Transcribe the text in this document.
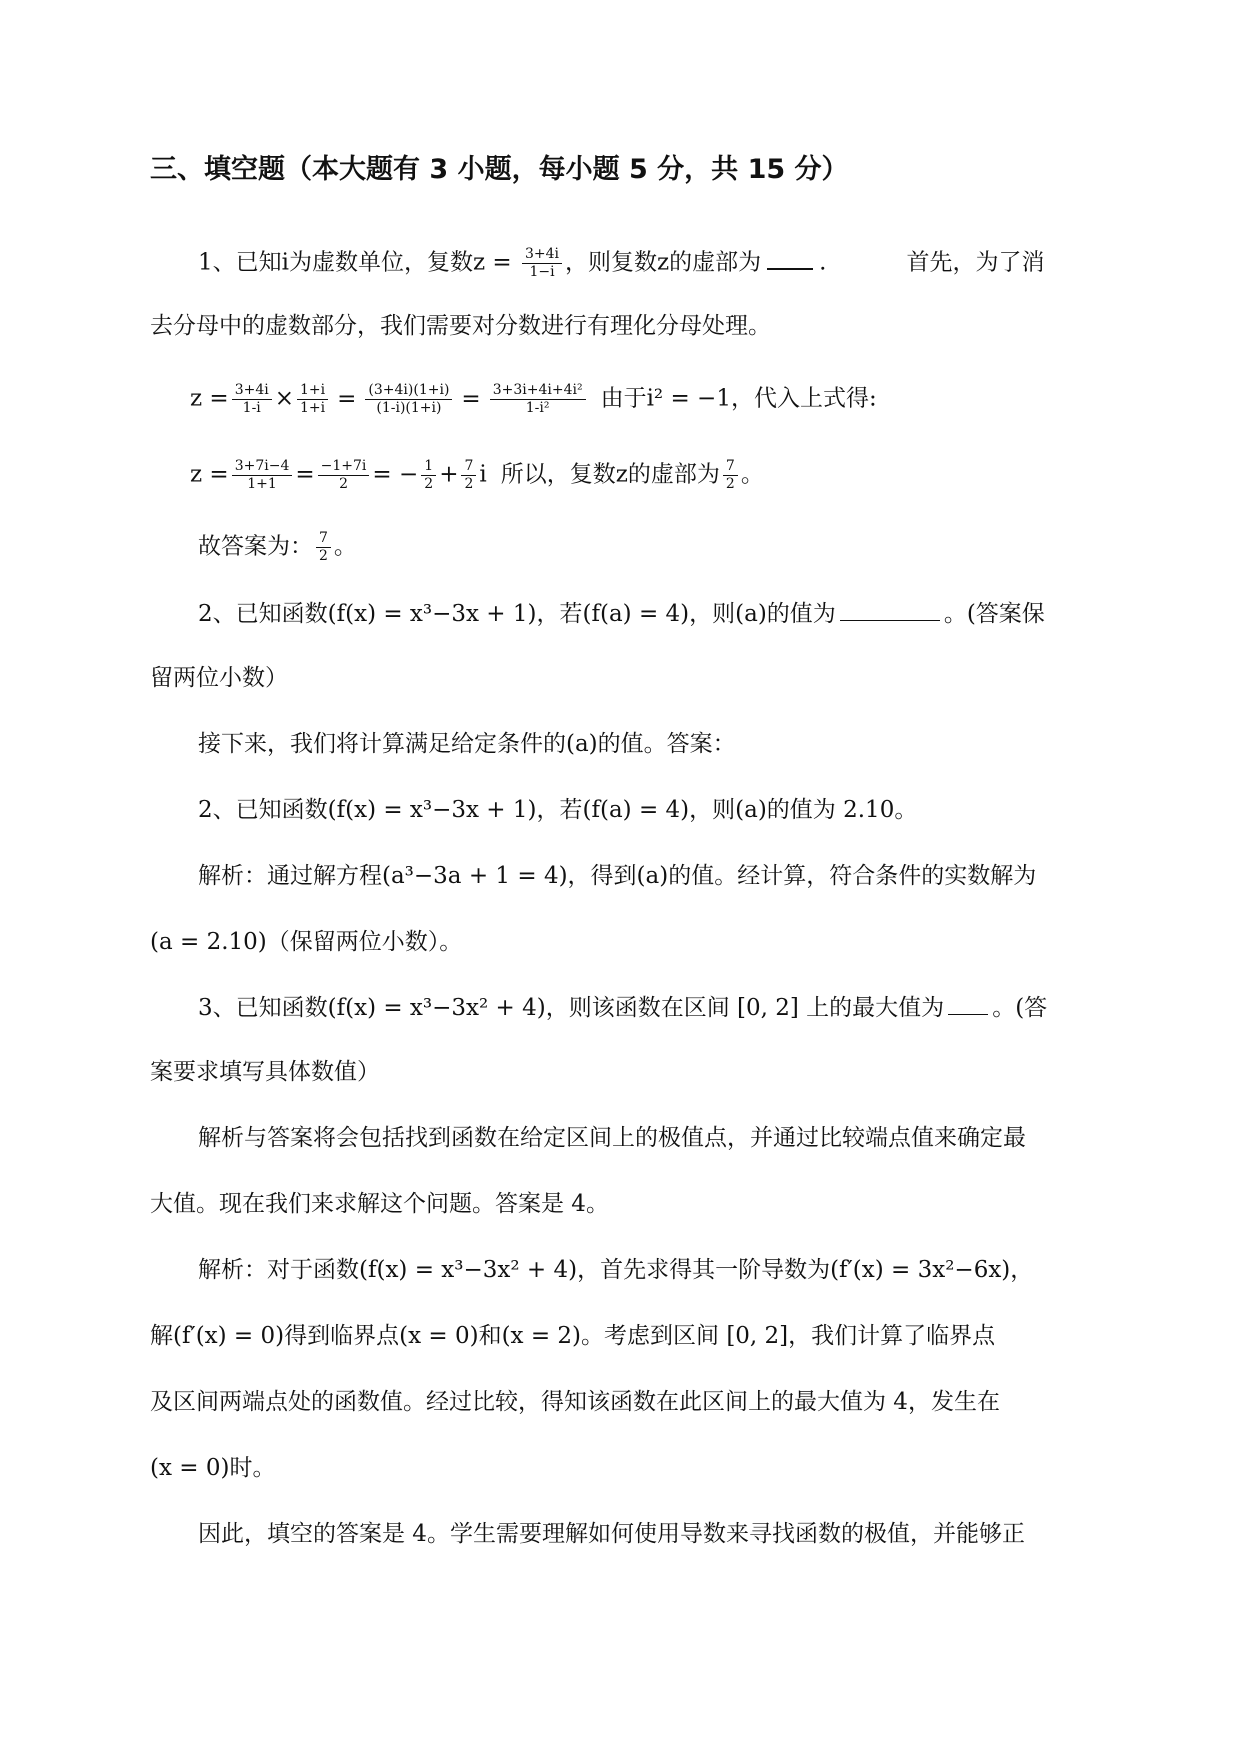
三、填空题（本大题有 3 小题，每小题 5 分，共 15 分）
1、已知i为虚数单位，复数$z = \frac{3+4i}{1-i}$ ，则复数z的虚部为	.	首先，为了消
去分母中的虚数部分，我们需要对分数进行有理化分母处理。
$z = \frac{3+4i}{1-i} \times \frac{1+i}{1+i} = \frac{(3+4i)(1+i)}{(1-i)(1+i)} = \frac{\text{3+3i+4i+4i²}}{\text{1-i²}}$ 由于i² = −1，代入上式得:
$z = \frac{3+7i-4}{1+1} = \frac{-1+7i}{2}$ = − $\frac{1}{2} + \frac{7}{2}$ i 所以，复数z的虚部为 $\frac{7}{2}$ 。
故答案为： $\frac{7}{2}$ 。
2、已知函数(f(x) = x³−3x + 1)，若(f(a) = 4)，则(a)的值为	。(答案保
留两位小数）
接下来，我们将计算满足给定条件的(a)的值。答案：
2、已知函数(f(x) = x³−3x + 1)，若(f(a) = 4)，则(a)的值为 2.10。
解析：通过解方程(a³−3a + 1 = 4)，得到(a)的值。经计算，符合条件的实数解为
(a = 2.10)（保留两位小数）。
3、已知函数(f(x) = x³−3x² + 4)，则该函数在区间 [0, 2] 上的最大值为 。(答
案要求填写具体数值）
解析与答案将会包括找到函数在给定区间上的极值点，并通过比较端点值来确定最
大值。现在我们来求解这个问题。答案是 4。
解析：对于函数(f(x) = x³−3x² + 4)，首先求得其一阶导数为(f′(x) = 3x²−6x)，
解(f′(x) = 0)得到临界点(x = 0)和(x = 2)。考虑到区间 [0, 2]，我们计算了临界点
及区间两端点处的函数值。经过比较，得知该函数在此区间上的最大值为 4，发生在
(x = 0)时。
因此，填空的答案是 4。学生需要理解如何使用导数来寻找函数的极值，并能够正
